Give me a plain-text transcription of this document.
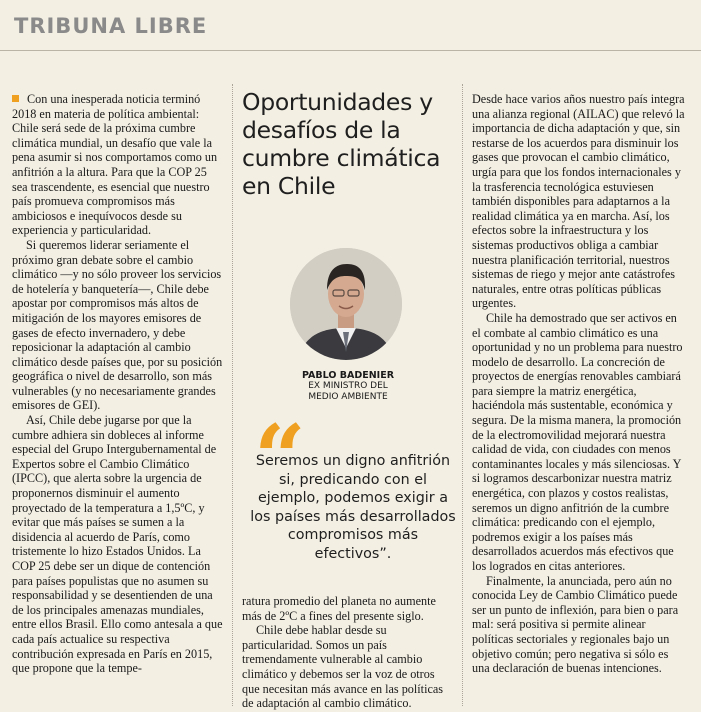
TRIBUNA LIBRE

Con una inesperada noticia terminó 2018 en materia de política ambiental: Chile será sede de la próxima cumbre climática mundial, un desafío que vale la pena asumir si nos comportamos como un anfitrión a la altura. Para que la COP 25 sea trascendente, es esencial que nuestro país promueva compromisos más ambiciosos e inequívocos desde su experiencia y particularidad.

Si queremos liderar seriamente el próximo gran debate sobre el cambio climático —y no sólo proveer los servicios de hotelería y banquetería—, Chile debe apostar por compromisos más altos de mitigación de los mayores emisores de gases de efecto invernadero, y debe reposicionar la adaptación al cambio climático desde países que, por su posición geográfica o nivel de desarrollo, son más vulnerables (y no necesariamente grandes emisores de GEI).

Así, Chile debe jugarse por que la cumbre adhiera sin dobleces al informe especial del Grupo Intergubernamental de Expertos sobre el Cambio Climático (IPCC), que alerta sobre la urgencia de proponernos disminuir el aumento proyectado de la temperatura a 1,5ºC, y evitar que más países se sumen a la disidencia al acuerdo de París, como tristemente lo hizo Estados Unidos. La COP 25 debe ser un dique de contención para países populistas que no asumen su responsabilidad y se desentienden de una de los principales amenazas mundiales, entre ellos Brasil. Ello como antesala a que cada país actualice su respectiva contribución expresada en París en 2015, que propone que la tempe-

Oportunidades y desafíos de la cumbre climática en Chile
PABLO BADENIER
EX MINISTRO DEL
MEDIO AMBIENTE
“
Seremos un digno anfitrión si, predicando con el ejemplo, podemos exigir a los países más desarrollados compromisos más efectivos”.

ratura promedio del planeta no aumente más de 2ºC a fines del presente siglo.

Chile debe hablar desde su particularidad. Somos un país tremendamente vulnerable al cambio climático y debemos ser la voz de otros que necesitan más avance en las políticas de adaptación al cambio climático.

Desde hace varios años nuestro país integra una alianza regional (AILAC) que relevó la importancia de dicha adaptación y que, sin restarse de los acuerdos para disminuir los gases que provocan el cambio climático, urgía para que los fondos internacionales y la trasferencia tecnológica estuviesen también disponibles para adaptarnos a la realidad climática ya en marcha. Así, los efectos sobre la infraestructura y los sistemas productivos obliga a cambiar nuestra planificación territorial, nuestros sistemas de riego y mejor ante catástrofes naturales, entre otras políticas públicas urgentes.

Chile ha demostrado que ser activos en el combate al cambio climático es una oportunidad y no un problema para nuestro modelo de desarrollo. La concreción de proyectos de energías renovables cambiará para siempre la matriz energética, haciéndola más sustentable, económica y segura. De la misma manera, la promoción de la electromovilidad mejorará nuestra calidad de vida, con ciudades con menos contaminantes locales y más silenciosas. Y si logramos descarbonizar nuestra matriz energética, con plazos y costos realistas, seremos un digno anfitrión de la cumbre climática: predicando con el ejemplo, podremos exigir a los países más desarrollados acuerdos más efectivos que los logrados en citas anteriores.

Finalmente, la anunciada, pero aún no conocida Ley de Cambio Climático puede ser un punto de inflexión, para bien o para mal: será positiva si permite alinear políticas sectoriales y regionales bajo un objetivo común; pero negativa si sólo es una declaración de buenas intenciones.
